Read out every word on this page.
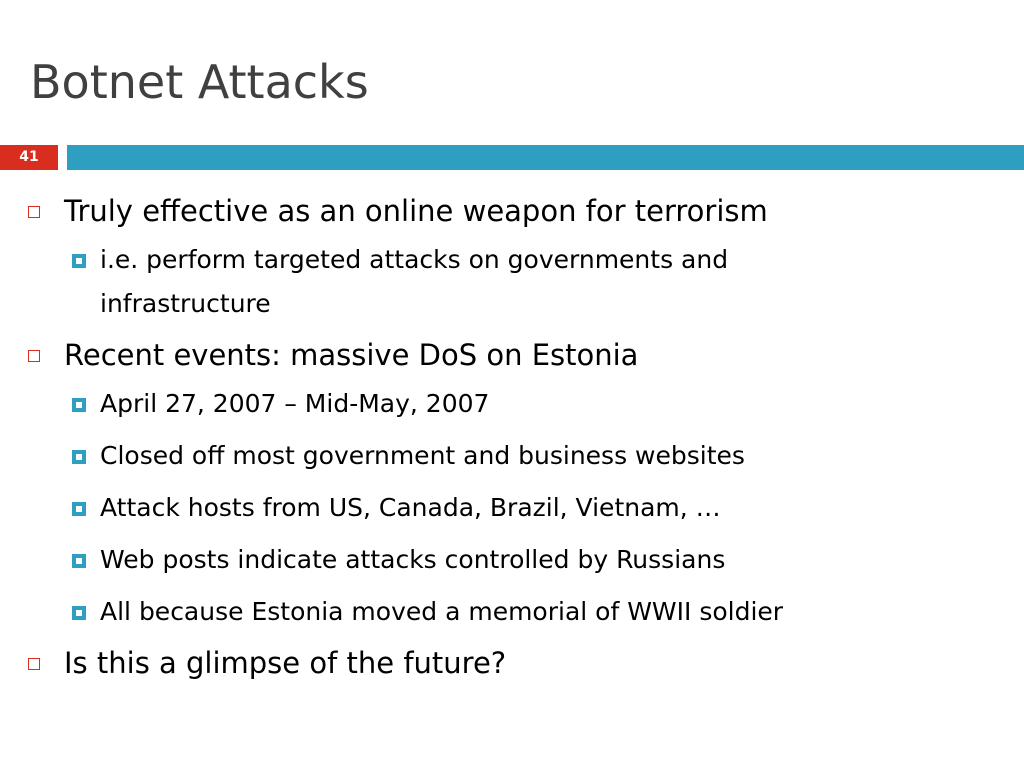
Botnet Attacks
41
Truly effective as an online weapon for terrorism
i.e. perform targeted attacks on governments and infrastructure
Recent events: massive DoS on Estonia
April 27, 2007 – Mid-May, 2007
Closed off most government and business websites
Attack hosts from US, Canada, Brazil, Vietnam, …
Web posts indicate attacks controlled by Russians
All because Estonia moved a memorial of WWII soldier
Is this a glimpse of the future?
